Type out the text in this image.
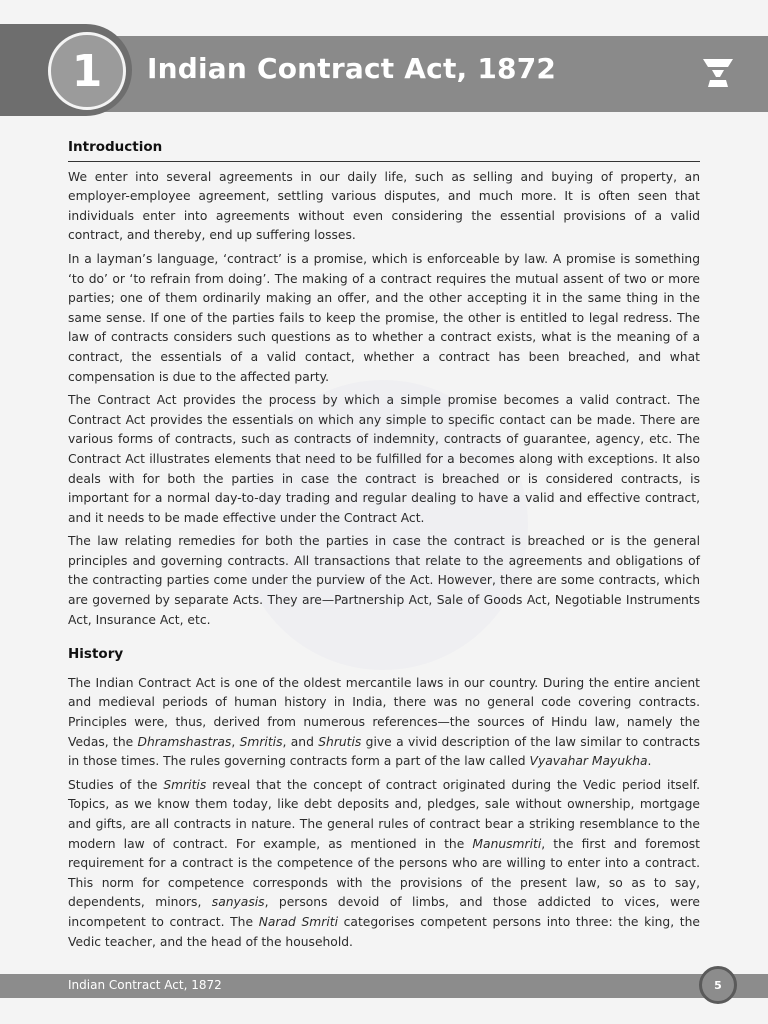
1	Indian Contract Act, 1872
Introduction

We enter into several agreements in our daily life, such as selling and buying of property, an employer-employee agreement, settling various disputes, and much more. It is often seen that individuals enter into agreements without even considering the essential provisions of a valid contract, and thereby, end up suffering losses.

In a layman’s language, ‘contract’ is a promise, which is enforceable by law. A promise is something ‘to do’ or ‘to refrain from doing’. The making of a contract requires the mutual assent of two or more parties; one of them ordinarily making an offer, and the other accepting it in the same thing in the same sense. If one of the parties fails to keep the promise, the other is entitled to legal redress. The law of contracts considers such questions as to whether a contract exists, what is the meaning of a contract, the essentials of a valid contact, whether a contract has been breached, and what compensation is due to the affected party.

The Contract Act provides the process by which a simple promise becomes a valid contract. The Contract Act provides the essentials on which any simple to specific contact can be made. There are various forms of contracts, such as contracts of indemnity, contracts of guarantee, agency, etc. The Contract Act illustrates elements that need to be fulfilled for a becomes along with exceptions. It also deals with for both the parties in case the contract is breached or is considered contracts, is important for a normal day-to-day trading and regular dealing to have a valid and effective contract, and it needs to be made effective under the Contract Act.

The law relating remedies for both the parties in case the contract is breached or is the general principles and governing contracts. All transactions that relate to the agreements and obligations of the contracting parties come under the purview of the Act. However, there are some contracts, which are governed by separate Acts. They are—Partnership Act, Sale of Goods Act, Negotiable Instruments Act, Insurance Act, etc.

History

The Indian Contract Act is one of the oldest mercantile laws in our country. During the entire ancient and medieval periods of human history in India, there was no general code covering contracts. Principles were, thus, derived from numerous references—the sources of Hindu law, namely the Vedas, the Dhramshastras, Smritis, and Shrutis give a vivid description of the law similar to contracts in those times. The rules governing contracts form a part of the law called Vyavahar Mayukha.

Studies of the Smritis reveal that the concept of contract originated during the Vedic period itself. Topics, as we know them today, like debt deposits and, pledges, sale without ownership, mortgage and gifts, are all contracts in nature. The general rules of contract bear a striking resemblance to the modern law of contract. For example, as mentioned in the Manusmriti, the first and foremost requirement for a contract is the competence of the persons who are willing to enter into a contract. This norm for competence corresponds with the provisions of the present law, so as to say, dependents, minors, sanyasis, persons devoid of limbs, and those addicted to vices, were incompetent to contract. The Narad Smriti categorises competent persons into three: the king, the Vedic teacher, and the head of the household.

Indian Contract Act, 1872	5
